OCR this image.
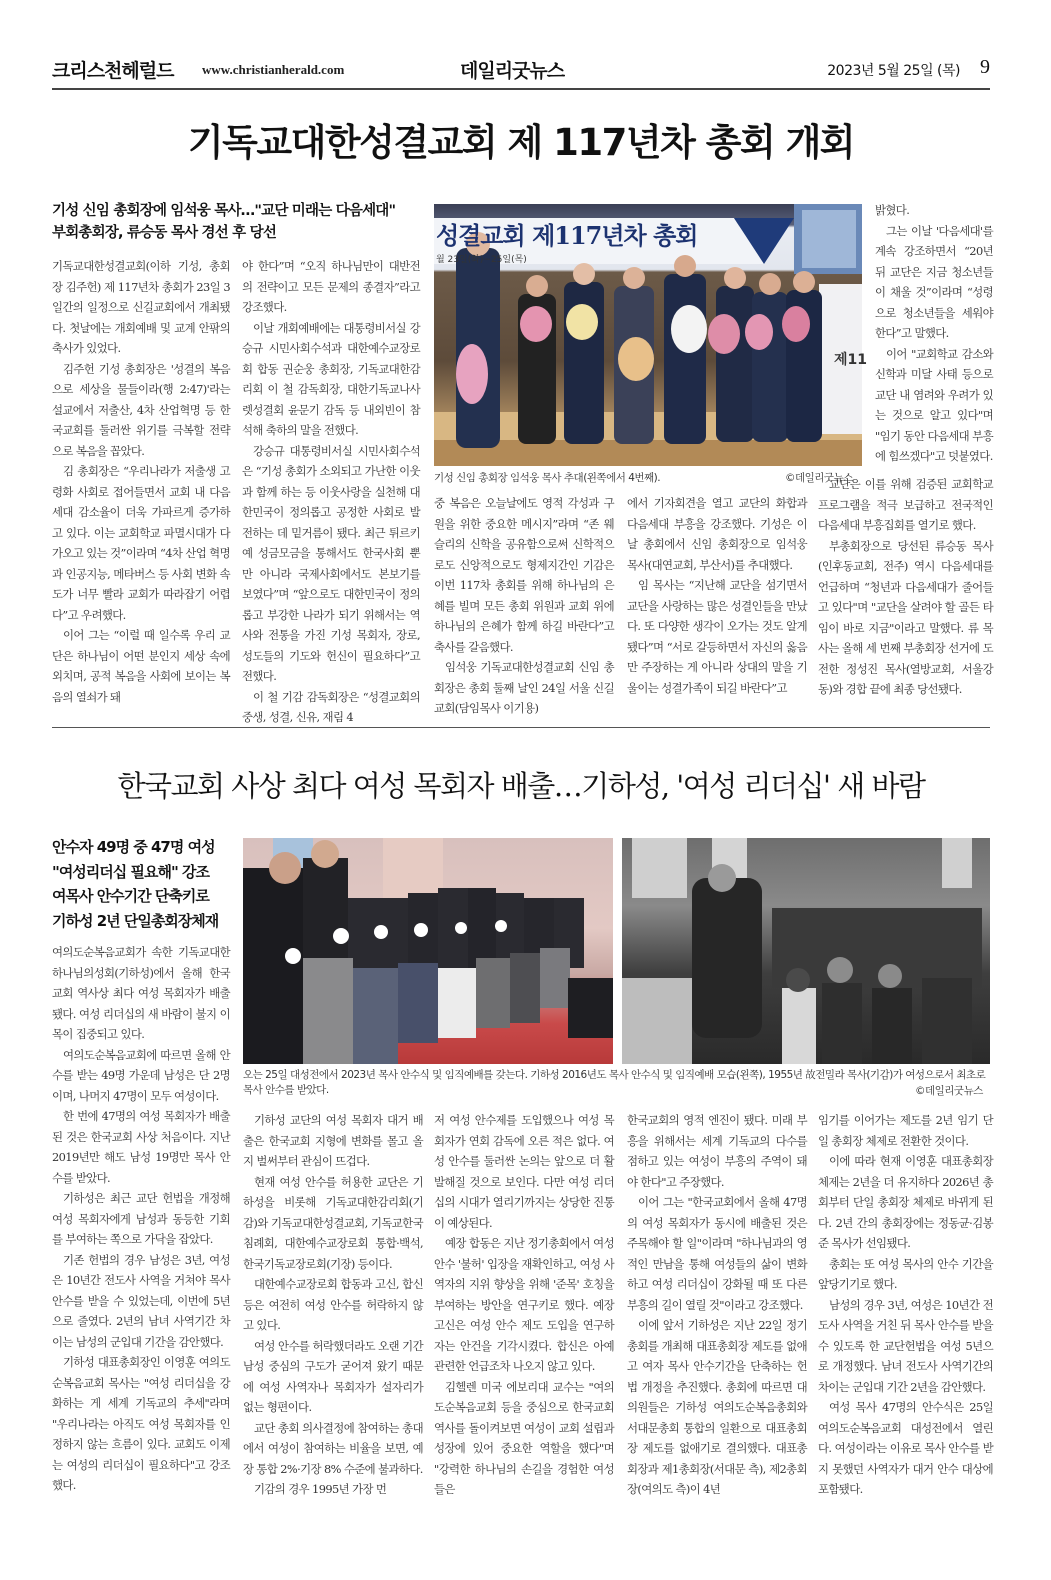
크리스천헤럴드 www.christianherald.com	데일리굿뉴스	2023년 5월 25일 (목) 9
기독교대한성결교회 제 117년차 총회 개회
기성 신임 총회장에 임석웅 목사…"교단 미래는 다음세대"
부회총회장, 류승동 목사 경선 후 당선	성결교회 제117년차 총회
월 23일(화)~25일(목)
제11
기성 신임 총회장 임석웅 목사 추대(왼쪽에서 4번째).	©데일리굿뉴스

기독교대한성결교회(이하 기성, 총회장 김주헌) 제 117년차 총회가 23일 3일간의 일정으로 신길교회에서 개최됐다. 첫날에는 개회예배 및 교계 안팎의 축사가 있었다.

김주헌 기성 총회장은 '성결의 복음으로 세상을 물들이라(행 2:47)'라는 설교에서 저출산, 4차 산업혁명 등 한국교회를 둘러싼 위기를 극복할 전략으로 복음을 꼽았다.

김 총회장은 “우리나라가 저출생 고령화 사회로 접어들면서 교회 내 다음세대 감소율이 더욱 가파르게 증가하고 있다. 이는 교회학교 파멸시대가 다가오고 있는 것”이라며 “4차 산업 혁명과 인공지능, 메타버스 등 사회 변화 속도가 너무 빨라 교회가 따라잡기 어렵다”고 우려했다.

이어 그는 “이럴 때 일수록 우리 교단은 하나님이 어떤 분인지 세상 속에 외치며, 공적 복음을 사회에 보이는 복음의 열쇠가 돼

야 한다”며 “오직 하나님만이 대반전의 전략이고 모든 문제의 종결자”라고 강조했다.

이날 개회예배에는 대통령비서실 강승규 시민사회수석과 대한예수교장로회 합동 권순웅 총회장, 기독교대한감리회 이 철 감독회장, 대한기독교나사렛성결회 윤문기 감독 등 내외빈이 참석해 축하의 말을 전했다.

강승규 대통령비서실 시민사회수석은 “기성 총회가 소외되고 가난한 이웃과 함께 하는 등 이웃사랑을 실천해 대한민국이 정의롭고 공정한 사회로 발전하는 데 밑거름이 됐다. 최근 튀르키예 성금모금을 통해서도 한국사회 뿐만 아니라 국제사회에서도 본보기를 보였다”며 “앞으로도 대한민국이 정의롭고 부강한 나라가 되기 위해서는 역사와 전통을 가진 기성 목회자, 장로, 성도들의 기도와 헌신이 필요하다”고 전했다.

이 철 기감 감독회장은 “성결교회의 중생, 성결, 신유, 재림 4

중 복음은 오늘날에도 영적 각성과 구원을 위한 중요한 메시지”라며 “존 웨슬리의 신학을 공유함으로써 신학적으로도 신앙적으로도 형제지간인 기감은 이번 117차 총회를 위해 하나님의 은혜를 빌며 모든 총회 위원과 교회 위에 하나님의 은혜가 함께 하길 바란다”고 축사를 갈음했다.

임석웅 기독교대한성결교회 신임 총회장은 총회 둘째 날인 24일 서울 신길교회(담임목사 이기용)

에서 기자회견을 열고 교단의 화합과 다음세대 부흥을 강조했다. 기성은 이날 총회에서 신임 총회장으로 임석웅 목사(대연교회, 부산서)를 추대했다.

임 목사는 “지난해 교단을 섬기면서 교단을 사랑하는 많은 성결인들을 만났다. 또 다양한 생각이 오가는 것도 알게 됐다”며 “서로 갈등하면서 자신의 옳음만 주장하는 게 아니라 상대의 말을 기울이는 성결가족이 되길 바란다”고

밝혔다.

그는 이날 '다음세대'를 계속 강조하면서 “20년 뒤 교단은 지금 청소년들이 채울 것”이라며 “성령으로 청소년들을 세워야 한다”고 말했다.

이어 "교회학교 감소와 신학과 미달 사태 등으로 교단 내 염려와 우려가 있는 것으로 알고 있다"며 "임기 동안 다음세대 부흥에 힘쓰겠다"고 덧붙였다.

교단은 이를 위해 검증된 교회학교 프로그램을 적극 보급하고 전국적인 다음세대 부흥집회를 열기로 했다.

부총회장으로 당선된 류승동 목사(인후동교회, 전주) 역시 다음세대를 언급하며 “청년과 다음세대가 줄어들고 있다"며 "교단을 살려야 할 골든 타임이 바로 지금"이라고 말했다. 류 목사는 올해 세 번째 부총회장 선거에 도전한 정성진 목사(열방교회, 서울강동)와 경합 끝에 최종 당선됐다.

한국교회 사상 최다 여성 목회자 배출…기하성, '여성 리더십' 새 바람
안수자 49명 중 47명 여성
"여성리더십 필요해" 강조
여목사 안수기간 단축키로
기하성 2년 단일총회장체재
오는 25일 대성전에서 2023년 목사 안수식 및 임직예배를 갖는다. 기하성 2016년도 목사 안수식 및 임직예배 모습(왼쪽), 1955년 故전밀라 목사(기감)가 여성으로서 최초로 목사 안수를 받았다.	©데일리굿뉴스

여의도순복음교회가 속한 기독교대한하나님의성회(기하성)에서 올해 한국교회 역사상 최다 여성 목회자가 배출됐다. 여성 리더십의 새 바람이 불지 이목이 집중되고 있다.

여의도순복음교회에 따르면 올해 안수를 받는 49명 가운데 남성은 단 2명이며, 나머지 47명이 모두 여성이다.

한 번에 47명의 여성 목회자가 배출된 것은 한국교회 사상 처음이다. 지난 2019년만 해도 남성 19명만 목사 안수를 받았다.

기하성은 최근 교단 헌법을 개정해 여성 목회자에게 남성과 동등한 기회를 부여하는 쪽으로 가닥을 잡았다.

기존 헌법의 경우 남성은 3년, 여성은 10년간 전도사 사역을 거쳐야 목사 안수를 받을 수 있었는데, 이번에 5년으로 줄였다. 2년의 남녀 사역기간 차이는 남성의 군입대 기간을 감안했다.

기하성 대표총회장인 이영훈 여의도순복음교회 목사는 "여성 리더십을 강화하는 게 세계 기독교의 추세"라며 "우리나라는 아직도 여성 목회자를 인정하지 않는 흐름이 있다. 교회도 이제는 여성의 리더십이 필요하다"고 강조했다.

기하성 교단의 여성 목회자 대거 배출은 한국교회 지형에 변화를 몰고 올지 벌써부터 관심이 뜨겁다.

현재 여성 안수를 허용한 교단은 기하성을 비롯해 기독교대한감리회(기감)와 기독교대한성결교회, 기독교한국침례회, 대한예수교장로회 통합·백석, 한국기독교장로회(기장) 등이다.

대한예수교장로회 합동과 고신, 합신 등은 여전히 여성 안수를 허락하지 않고 있다.

여성 안수를 허락했더라도 오랜 기간 남성 중심의 구도가 굳어져 왔기 때문에 여성 사역자나 목회자가 설자리가 없는 형편이다.

교단 총회 의사결정에 참여하는 총대에서 여성이 참여하는 비율을 보면, 예장 통합 2%·기장 8% 수준에 불과하다.

기감의 경우 1995년 가장 먼

저 여성 안수제를 도입했으나 여성 목회자가 연회 감독에 오른 적은 없다. 여성 안수를 둘러싼 논의는 앞으로 더 활발해질 것으로 보인다. 다만 여성 리더십의 시대가 열리기까지는 상당한 진통이 예상된다.

예장 합동은 지난 정기총회에서 여성 안수 '불허' 입장을 재확인하고, 여성 사역자의 지위 향상을 위해 '준목' 호칭을 부여하는 방안을 연구키로 했다. 예장 고신은 여성 안수 제도 도입을 연구하자는 안건을 기각시켰다. 합신은 아예 관련한 언급조차 나오지 않고 있다.

김헬렌 미국 에보리대 교수는 "여의도순복음교회 등을 중심으로 한국교회 역사를 돌이켜보면 여성이 교회 설립과 성장에 있어 중요한 역할을 했다"며 "강력한 하나님의 손길을 경험한 여성들은

한국교회의 영적 엔진이 됐다. 미래 부흥을 위해서는 세계 기독교의 다수를 점하고 있는 여성이 부흥의 주역이 돼야 한다"고 주장했다.

이어 그는 "한국교회에서 올해 47명의 여성 목회자가 동시에 배출된 것은 주목해야 할 일"이라며 "하나님과의 영적인 만남을 통해 여성들의 삶이 변화하고 여성 리더십이 강화될 때 또 다른 부흥의 길이 열릴 것"이라고 강조했다.

이에 앞서 기하성은 지난 22일 정기총회를 개최해 대표총회장 제도를 없애고 여자 목사 안수기간을 단축하는 헌법 개정을 추진했다. 총회에 따르면 대의원들은 기하성 여의도순복음총회와 서대문총회 통합의 일환으로 대표총회장 제도를 없애기로 결의했다. 대표총회장과 제1총회장(서대문 측), 제2총회장(여의도 측)이 4년

임기를 이어가는 제도를 2년 임기 단일 총회장 체제로 전환한 것이다.

이에 따라 현재 이영훈 대표총회장 체제는 2년을 더 유지하다 2026년 총회부터 단일 총회장 체제로 바뀌게 된다. 2년 간의 총회장에는 정동균·김봉준 목사가 선임됐다.

총회는 또 여성 목사의 안수 기간을 앞당기기로 했다.

남성의 경우 3년, 여성은 10년간 전도사 사역을 거친 뒤 목사 안수를 받을 수 있도록 한 교단헌법을 여성 5년으로 개정했다. 남녀 전도사 사역기간의 차이는 군입대 기간 2년을 감안했다.

여성 목사 47명의 안수식은 25일 여의도순복음교회 대성전에서 열린다. 여성이라는 이유로 목사 안수를 받지 못했던 사역자가 대거 안수 대상에 포함됐다.
